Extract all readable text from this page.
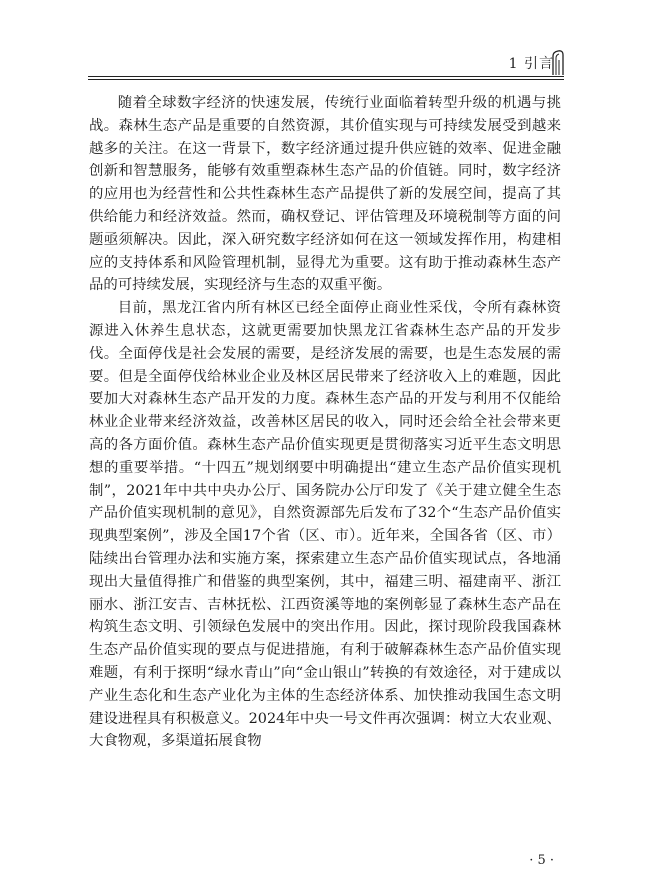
1 引言

随着全球数字经济的快速发展，传统行业面临着转型升级的机遇与挑战。森林生态产品是重要的自然资源，其价值实现与可持续发展受到越来越多的关注。在这一背景下，数字经济通过提升供应链的效率、促进金融创新和智慧服务，能够有效重塑森林生态产品的价值链。同时，数字经济的应用也为经营性和公共性森林生态产品提供了新的发展空间，提高了其供给能力和经济效益。然而，确权登记、评估管理及环境税制等方面的问题亟须解决。因此，深入研究数字经济如何在这一领域发挥作用，构建相应的支持体系和风险管理机制，显得尤为重要。这有助于推动森林生态产品的可持续发展，实现经济与生态的双重平衡。

目前，黑龙江省内所有林区已经全面停止商业性采伐，令所有森林资源进入休养生息状态，这就更需要加快黑龙江省森林生态产品的开发步伐。全面停伐是社会发展的需要，是经济发展的需要，也是生态发展的需要。但是全面停伐给林业企业及林区居民带来了经济收入上的难题，因此要加大对森林生态产品开发的力度。森林生态产品的开发与利用不仅能给林业企业带来经济效益，改善林区居民的收入，同时还会给全社会带来更高的各方面价值。森林生态产品价值实现更是贯彻落实习近平生态文明思想的重要举措。“十四五”规划纲要中明确提出“建立生态产品价值实现机制”，2021年中共中央办公厅、国务院办公厅印发了《关于建立健全生态产品价值实现机制的意见》，自然资源部先后发布了32个“生态产品价值实现典型案例”，涉及全国17个省（区、市）。近年来，全国各省（区、市）陆续出台管理办法和实施方案，探索建立生态产品价值实现试点，各地涌现出大量值得推广和借鉴的典型案例，其中，福建三明、福建南平、浙江丽水、浙江安吉、吉林抚松、江西资溪等地的案例彰显了森林生态产品在构筑生态文明、引领绿色发展中的突出作用。因此，探讨现阶段我国森林生态产品价值实现的要点与促进措施，有利于破解森林生态产品价值实现难题，有利于探明“绿水青山”向“金山银山”转换的有效途径，对于建成以产业生态化和生态产业化为主体的生态经济体系、加快推动我国生态文明建设进程具有积极意义。2024年中央一号文件再次强调：树立大农业观、大食物观，多渠道拓展食物

· 5 ·
